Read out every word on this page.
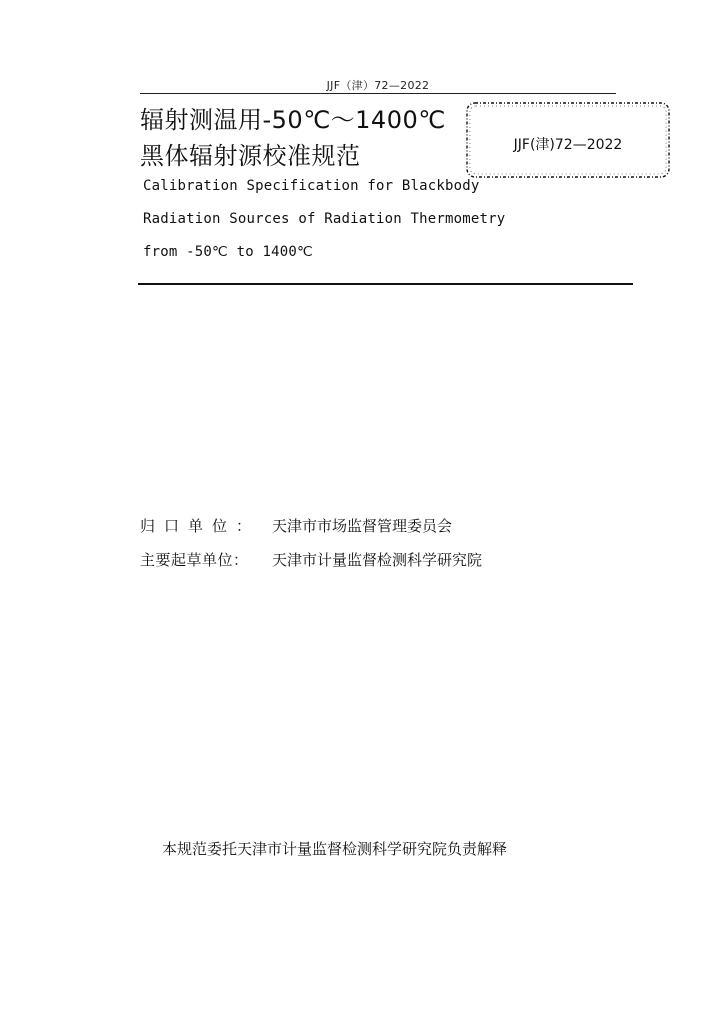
JJF（津）72—2022
辐射测温用-50℃～1400℃
黑体辐射源校准规范	JJF(津)72—2022
Calibration Specification for Blackbody
Radiation Sources of Radiation Thermometry
from -50℃ to 1400℃
归口单位： 天津市市场监督管理委员会
主要起草单位： 天津市计量监督检测科学研究院
本规范委托天津市计量监督检测科学研究院负责解释
